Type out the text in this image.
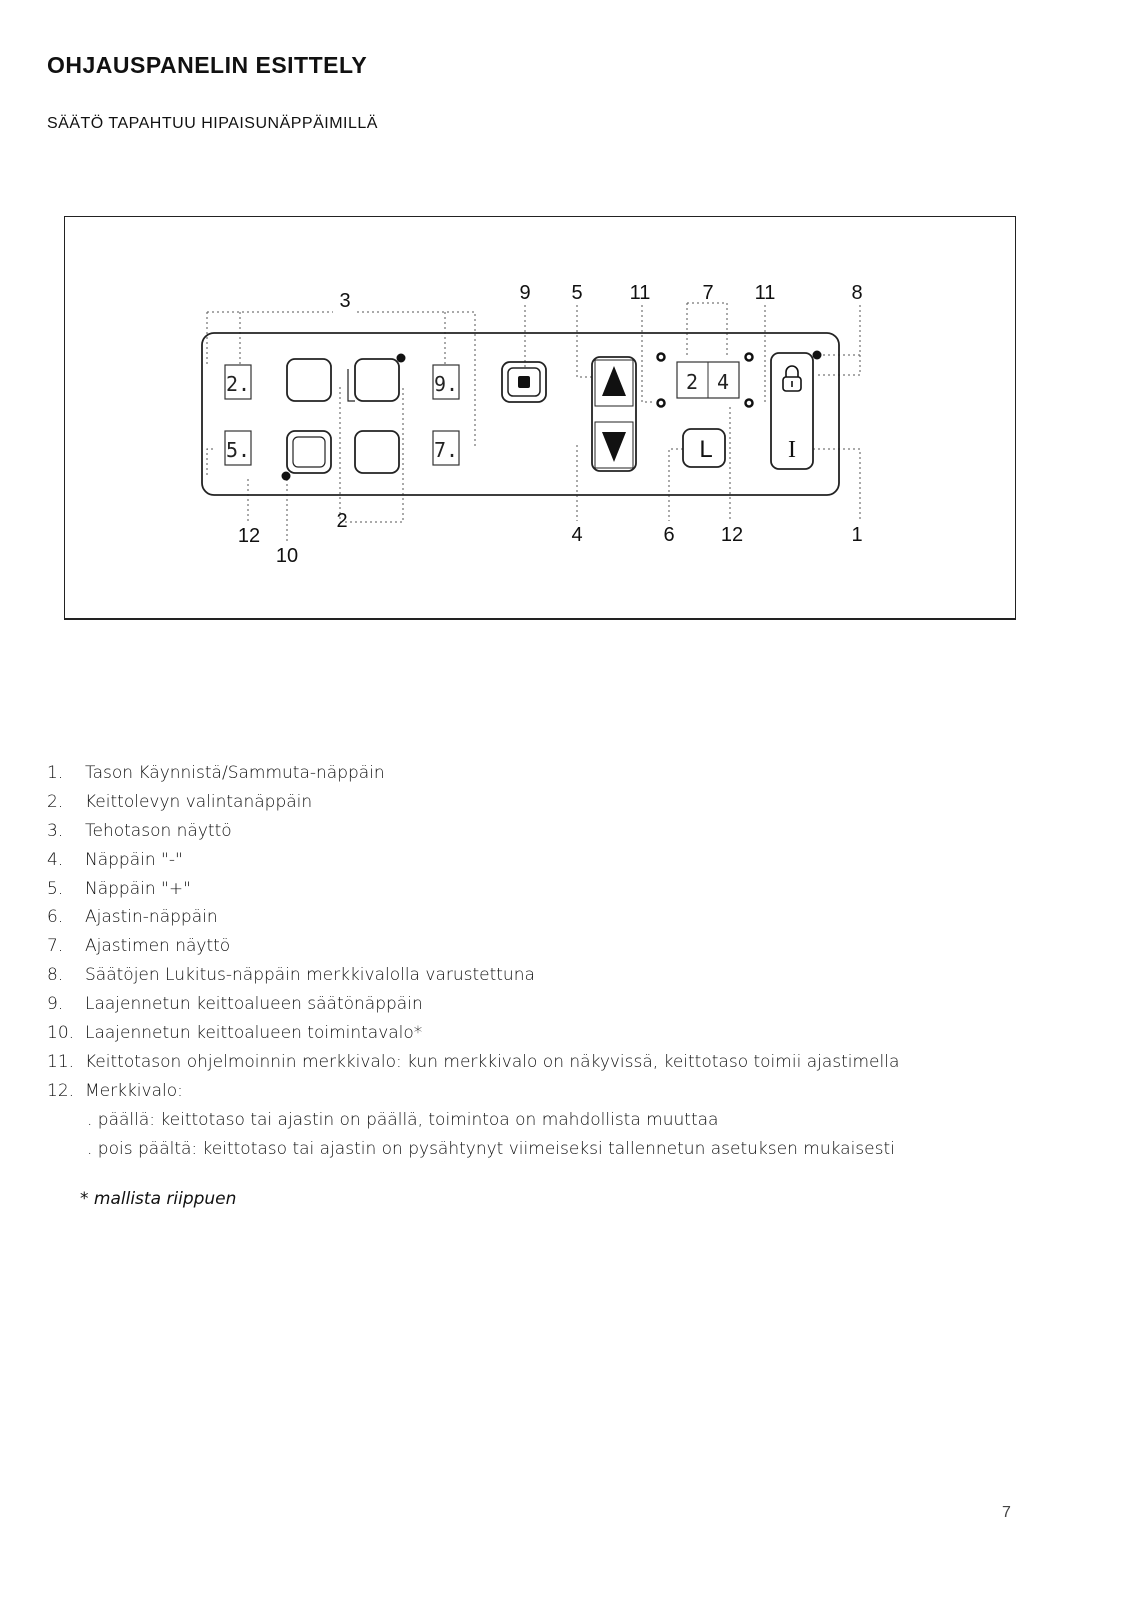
OHJAUSPANELIN ESITTELY
SÄÄTÖ TAPAHTUU HIPAISUNÄPPÄIMILLÄ
2.
5.
9.
7.
2 4
L	I
3	9 5 11	7 11	8
12
2
10
4	6 12	1
1. Tason Käynnistä/Sammuta-näppäin
2. Keittolevyn valintanäppäin
3. Tehotason näyttö
4. Näppäin "-"
5. Näppäin "+"
6. Ajastin-näppäin
7. Ajastimen näyttö
8. Säätöjen Lukitus-näppäin merkkivalolla varustettuna
9. Laajennetun keittoalueen säätönäppäin
10. Laajennetun keittoalueen toimintavalo*
11. Keittotason ohjelmoinnin merkkivalo: kun merkkivalo on näkyvissä, keittotaso toimii ajastimella
12. Merkkivalo:
. päällä: keittotaso tai ajastin on päällä, toimintoa on mahdollista muuttaa
. pois päältä: keittotaso tai ajastin on pysähtynyt viimeiseksi tallennetun asetuksen mukaisesti
* mallista riippuen
7
